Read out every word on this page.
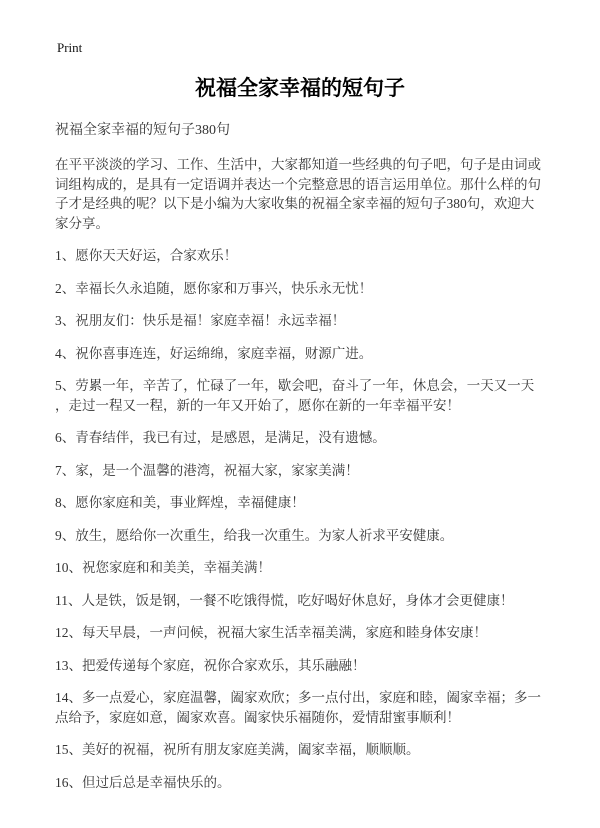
Print
祝福全家幸福的短句子
祝福全家幸福的短句子380句

在平平淡淡的学习、工作、生活中，大家都知道一些经典的句子吧，句子是由词或词组构成的，是具有一定语调并表达一个完整意思的语言运用单位。那什么样的句子才是经典的呢？以下是小编为大家收集的祝福全家幸福的短句子380句，欢迎大家分享。

1、愿你天天好运，合家欢乐！

2、幸福长久永追随，愿你家和万事兴，快乐永无忧！

3、祝朋友们：快乐是福！家庭幸福！永远幸福！

4、祝你喜事连连，好运绵绵，家庭幸福，财源广进。

5、劳累一年，辛苦了，忙碌了一年，歇会吧，奋斗了一年，休息会，一天又一天，走过一程又一程，新的一年又开始了，愿你在新的一年幸福平安！

6、青春结伴，我已有过，是感恩，是满足，没有遗憾。

7、家，是一个温馨的港湾，祝福大家，家家美满！

8、愿你家庭和美，事业辉煌，幸福健康！

9、放生，愿给你一次重生，给我一次重生。为家人祈求平安健康。

10、祝您家庭和和美美，幸福美满！

11、人是铁，饭是钢，一餐不吃饿得慌，吃好喝好休息好，身体才会更健康！

12、每天早晨，一声问候，祝福大家生活幸福美满，家庭和睦身体安康！

13、把爱传递每个家庭，祝你合家欢乐，其乐融融！

14、多一点爱心，家庭温馨，阖家欢欣；多一点付出，家庭和睦，阖家幸福；多一点给予，家庭如意，阖家欢喜。阖家快乐福随你，爱情甜蜜事顺利！

15、美好的祝福，祝所有朋友家庭美满，阖家幸福，顺顺顺。

16、但过后总是幸福快乐的。
